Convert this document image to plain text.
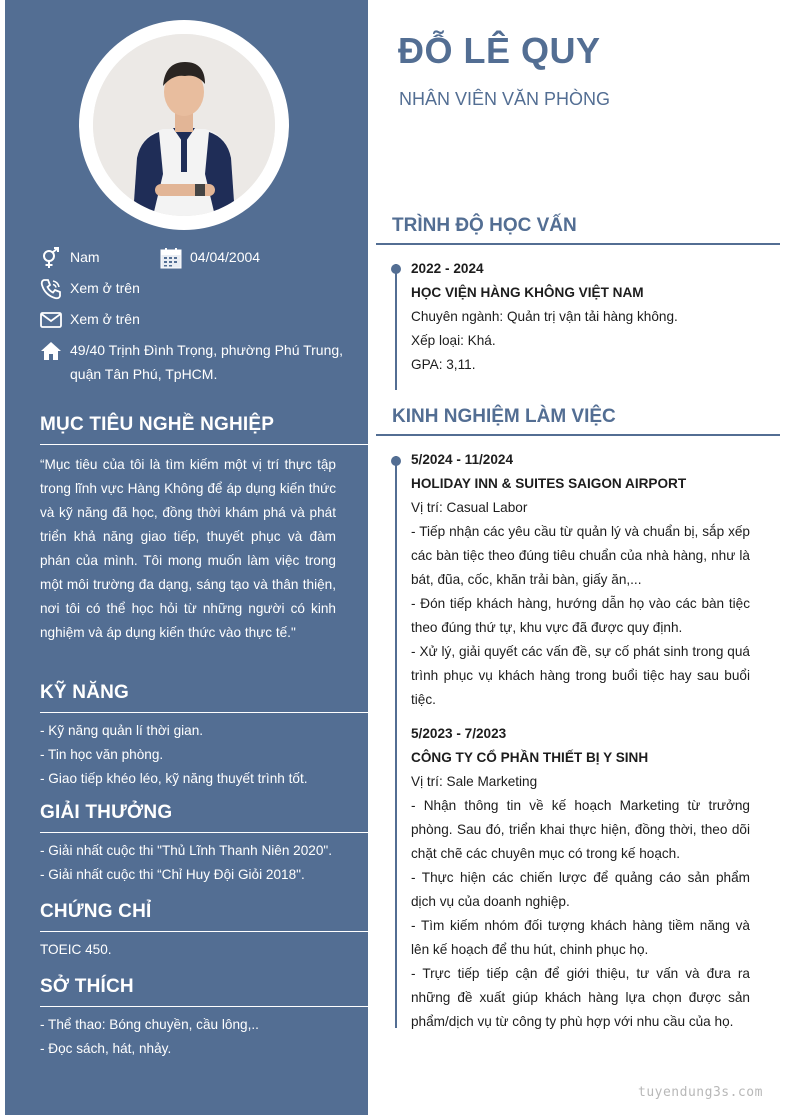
Nam	04/04/2004
Xem ở trên
Xem ở trên
49/40 Trịnh Đình Trọng, phường Phú Trung,
quận Tân Phú, TpHCM.
MỤC TIÊU NGHỀ NGHIỆP
“Mục tiêu của tôi là tìm kiếm một vị trí thực tập trong lĩnh vực Hàng Không để áp dụng kiến thức và kỹ năng đã học, đồng thời khám phá và phát triển khả năng giao tiếp, thuyết phục và đàm phán của mình. Tôi mong muốn làm việc trong một môi trường đa dạng, sáng tạo và thân thiện, nơi tôi có thể học hỏi từ những người có kinh nghiệm và áp dụng kiến thức vào thực tế."
KỸ NĂNG
- Kỹ năng quản lí thời gian.
- Tin học văn phòng.
- Giao tiếp khéo léo, kỹ năng thuyết trình tốt.
GIẢI THƯỞNG
- Giải nhất cuộc thi "Thủ Lĩnh Thanh Niên 2020".
- Giải nhất cuộc thi “Chỉ Huy Đội Giỏi 2018".
CHỨNG CHỈ
TOEIC 450.
SỞ THÍCH
- Thể thao: Bóng chuyền, cầu lông,..
- Đọc sách, hát, nhảy.
ĐỖ LÊ QUY
NHÂN VIÊN VĂN PHÒNG
TRÌNH ĐỘ HỌC VẤN
2022 - 2024
HỌC VIỆN HÀNG KHÔNG VIỆT NAM
Chuyên ngành: Quản trị vận tải hàng không.
Xếp loại: Khá.
GPA: 3,11.
KINH NGHIỆM LÀM VIỆC
5/2024 - 11/2024
HOLIDAY INN & SUITES SAIGON AIRPORT
Vị trí: Casual Labor
- Tiếp nhận các yêu cầu từ quản lý và chuẩn bị, sắp xếp các bàn tiệc theo đúng tiêu chuẩn của nhà hàng, như là bát, đũa, cốc, khăn trải bàn, giấy ăn,...
- Đón tiếp khách hàng, hướng dẫn họ vào các bàn tiệc theo đúng thứ tự, khu vực đã được quy định.
- Xử lý, giải quyết các vấn đề, sự cố phát sinh trong quá trình phục vụ khách hàng trong buổi tiệc hay sau buổi tiệc.
5/2023 - 7/2023
CÔNG TY CỔ PHẦN THIẾT BỊ Y SINH
Vị trí: Sale Marketing
- Nhận thông tin về kế hoạch Marketing từ trưởng phòng. Sau đó, triển khai thực hiện, đồng thời, theo dõi chặt chẽ các chuyên mục có trong kế hoạch.
- Thực hiện các chiến lược để quảng cáo sản phẩm dịch vụ của doanh nghiệp.
- Tìm kiếm nhóm đối tượng khách hàng tiềm năng và lên kế hoạch để thu hút, chinh phục họ.
- Trực tiếp tiếp cận để giới thiệu, tư vấn và đưa ra những đề xuất giúp khách hàng lựa chọn được sản phẩm/dịch vụ từ công ty phù hợp với nhu cầu của họ.
tuyendung3s.com
